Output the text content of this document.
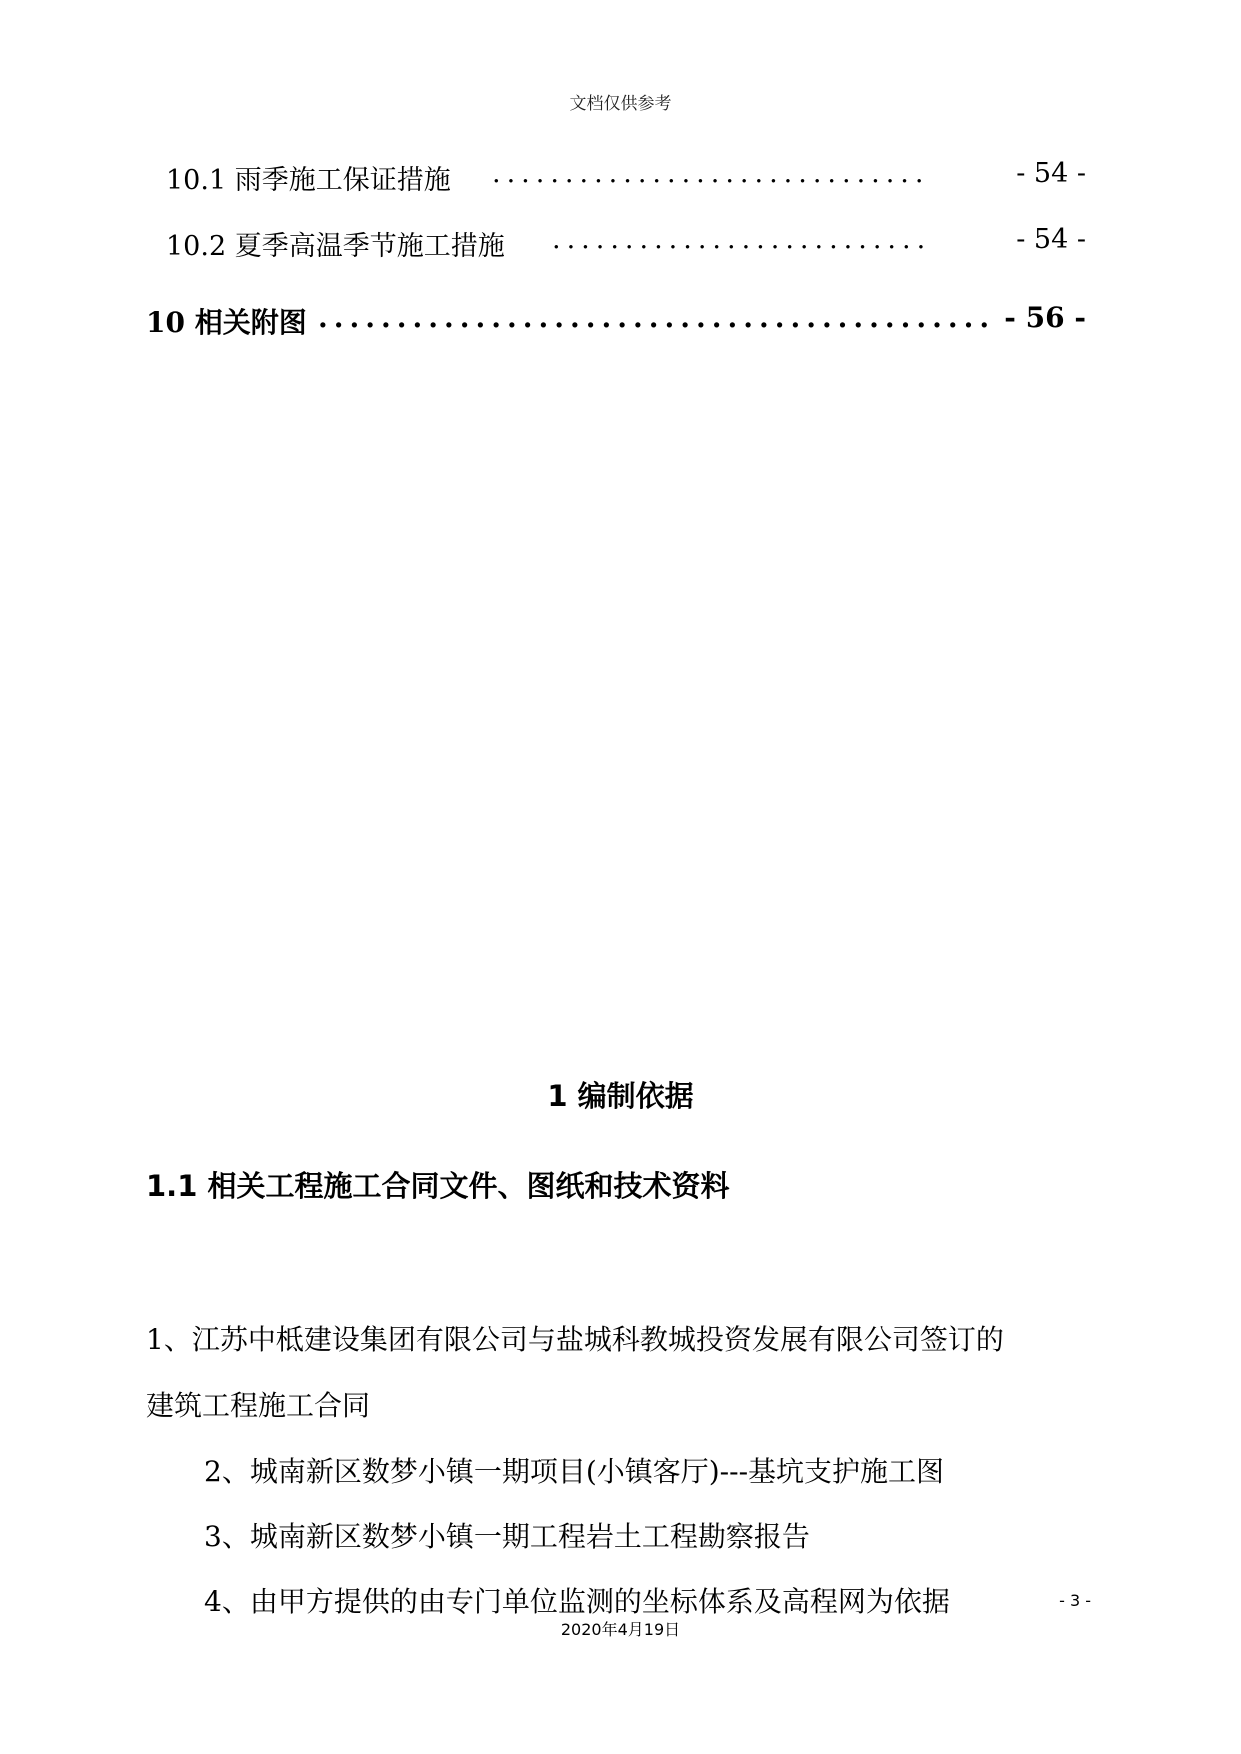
文档仅供参考
10.1 雨季施工保证措施 ..............................	- 54 -
10.2 夏季高温季节施工措施 ..........................	- 54 -
10 相关附图 ........................................... - 56 -
1 编制依据
1.1 相关工程施工合同文件、图纸和技术资料
1、江苏中柢建设集团有限公司与盐城科教城投资发展有限公司签订的
建筑工程施工合同
2、城南新区数梦小镇一期项目(小镇客厅)---基坑支护施工图
3、城南新区数梦小镇一期工程岩土工程勘察报告
4、由甲方提供的由专门单位监测的坐标体系及高程网为依据	- 3 -
2020年4月19日
